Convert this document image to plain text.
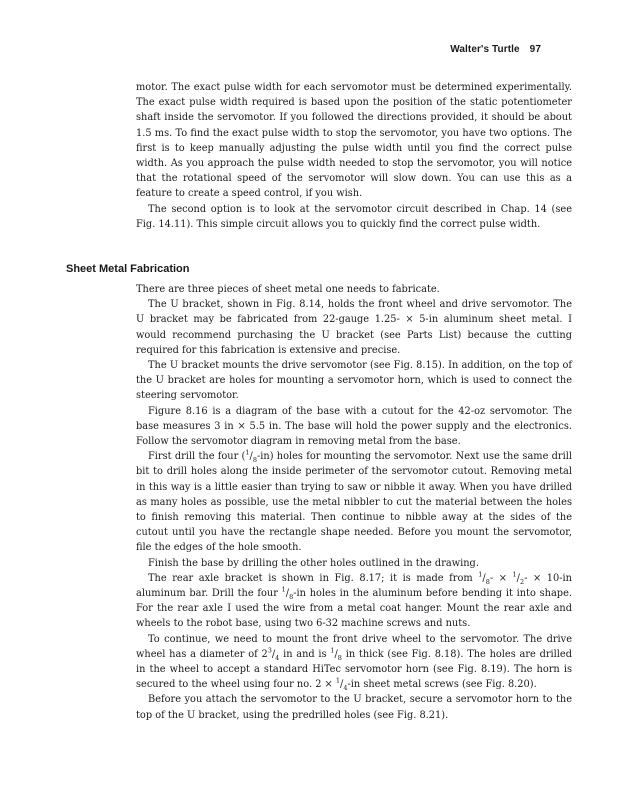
Walter's Turtle 97

motor. The exact pulse width for each servomotor must be determined experimentally. The exact pulse width required is based upon the position of the static potentiometer shaft inside the servomotor. If you followed the directions provided, it should be about 1.5 ms. To find the exact pulse width to stop the servomotor, you have two options. The first is to keep manually adjusting the pulse width until you find the correct pulse width. As you approach the pulse width needed to stop the servomotor, you will notice that the rotational speed of the servomotor will slow down. You can use this as a feature to create a speed control, if you wish.

The second option is to look at the servomotor circuit described in Chap. 14 (see Fig. 14.11). This simple circuit allows you to quickly find the correct pulse width.

Sheet Metal Fabrication

There are three pieces of sheet metal one needs to fabricate.

The U bracket, shown in Fig. 8.14, holds the front wheel and drive servomotor. The U bracket may be fabricated from 22-gauge 1.25- × 5-in aluminum sheet metal. I would recommend purchasing the U bracket (see Parts List) because the cutting required for this fabrication is extensive and precise.

The U bracket mounts the drive servomotor (see Fig. 8.15). In addition, on the top of the U bracket are holes for mounting a servomotor horn, which is used to connect the steering servomotor.

Figure 8.16 is a diagram of the base with a cutout for the 42-oz servomotor. The base measures 3 in × 5.5 in. The base will hold the power supply and the electronics. Follow the servomotor diagram in removing metal from the base.

First drill the four $(^1/_8-in)$ holes for mounting the servomotor. Next use the same drill bit to drill holes along the inside perimeter of the servomotor cutout. Removing metal in this way is a little easier than trying to saw or nibble it away. When you have drilled as many holes as possible, use the metal nibbler to cut the material between the holes to finish removing this material. Then continue to nibble away at the sides of the cutout until you have the rectangle shape needed. Before you mount the servomotor, file the edges of the hole smooth.

Finish the base by drilling the other holes outlined in the drawing.

The rear axle bracket is shown in Fig. 8.17; it is made from $^1/_8- \times ^1/_2- \times 10-in$ aluminum bar. Drill the four $^1/_8-in$ holes in the aluminum before bending it into shape. For the rear axle I used the wire from a metal coat hanger. Mount the rear axle and wheels to the robot base, using two 6-32 machine screws and nuts.

To continue, we need to mount the front drive wheel to the servomotor. The drive wheel has a diameter of $2^3/_4$ in and is $^1/_8$ in thick (see Fig. 8.18). The holes are drilled in the wheel to accept a standard HiTec servomotor horn (see Fig. 8.19). The horn is secured to the wheel using four no. $2 \times ^1/_4-in$ sheet metal screws (see Fig. 8.20).

Before you attach the servomotor to the U bracket, secure a servomotor horn to the top of the U bracket, using the predrilled holes (see Fig. 8.21).
